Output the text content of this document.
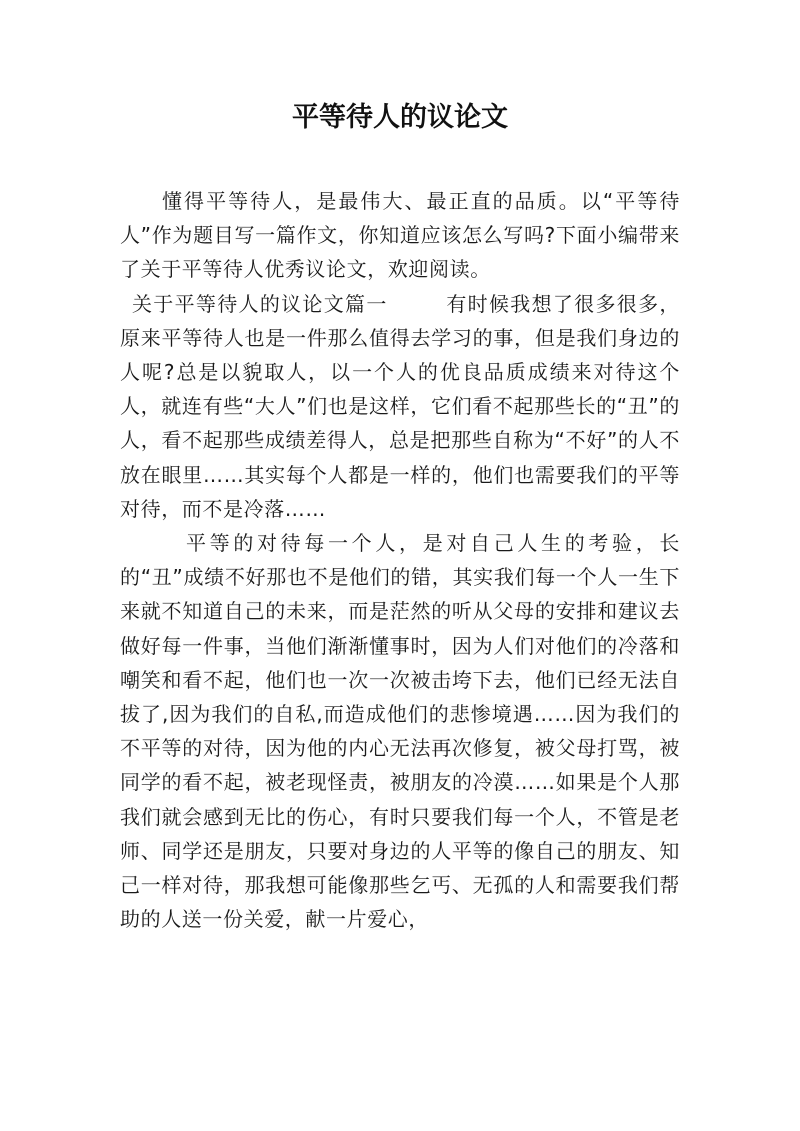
平等待人的议论文

懂得平等待人，是最伟大、最正直的品质。以“平等待人”作为题目写一篇作文，你知道应该怎么写吗?下面小编带来了关于平等待人优秀议论文，欢迎阅读。

关于平等待人的议论文篇一	有时候我想了很多很多，原来平等待人也是一件那么值得去学习的事，但是我们身边的人呢?总是以貌取人，以一个人的优良品质成绩来对待这个人，就连有些“大人”们也是这样，它们看不起那些长的“丑”的人，看不起那些成绩差得人，总是把那些自称为“不好”的人不放在眼里……其实每个人都是一样的，他们也需要我们的平等对待，而不是冷落……

平等的对待每一个人，是对自己人生的考验，长的“丑”成绩不好那也不是他们的错，其实我们每一个人一生下来就不知道自己的未来，而是茫然的听从父母的安排和建议去做好每一件事，当他们渐渐懂事时，因为人们对他们的冷落和嘲笑和看不起，他们也一次一次被击垮下去，他们已经无法自拔了,因为我们的自私,而造成他们的悲惨境遇……因为我们的不平等的对待，因为他的内心无法再次修复，被父母打骂，被同学的看不起，被老现怪责，被朋友的冷漠……如果是个人那我们就会感到无比的伤心，有时只要我们每一个人，不管是老师、同学还是朋友，只要对身边的人平等的像自己的朋友、知己一样对待，那我想可能像那些乞丐、无孤的人和需要我们帮助的人送一份关爱，献一片爱心，
